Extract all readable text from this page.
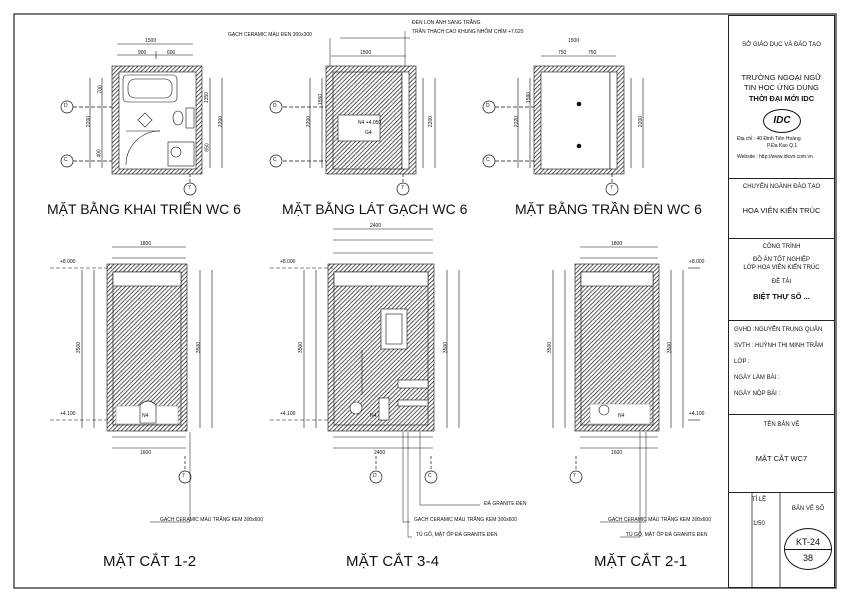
1500
900	600
2200
700
400
1350
2200
650
D
C
7
GẠCH CERAMIC MÀU ĐEN 300x300
ĐÈN LON ÁNH SÁNG TRẮNG
TRẦN THẠCH CAO KHUNG NHÔM CHÌM +7.620
1500
N4 +4.050
G4
2200
1550
2200
D
C
7
1500
750	750
2220
1590
2200
D
C
7
MẶT BẰNG KHAI TRIỂN WC 6	MẶT BẰNG LÁT GẠCH WC 6	MẶT BẰNG TRẦN ĐÈN WC 6
1800
+8.000
+4.100
3500	3500
1600
N4
2400
+8.000
+4.100
3500	3500
2400
N4
D	C
1800
+8.000
+4.100
3500	3500
1600
N4
7	7
ĐÁ GRANITE ĐEN
GẠCH CERAMIC MÀU TRẮNG KEM 300x600	GẠCH CERAMIC MÀU TRẮNG KEM 300x600	GẠCH CERAMIC MÀU TRẮNG KEM 300x600
TỦ GỖ, MẶT ỐP ĐÁ GRANITE ĐEN	TỦ GỖ, MẶT ỐP ĐÁ GRANITE ĐEN
MẶT CẮT 1-2	MẶT CẮT 3-4	MẶT CẮT 2-1
SỞ GIÁO DỤC VÀ ĐÀO TẠO
TRƯỜNG NGOẠI NGỮ
TIN HỌC ỨNG DỤNG
THỜI ĐẠI MỚI IDC
IDC
Địa chỉ : 40 Đinh Tiên Hoàng
P.Đa Kao Q.1
Website : http://www.idcvn.com.vn
CHUYÊN NGÀNH ĐÀO TẠO
HỌA VIÊN KIẾN TRÚC
CÔNG TRÌNH
ĐỒ ÁN TỐT NGHIỆP
LỚP HỌA VIÊN KIẾN TRÚC
ĐỀ TÀI
BIỆT THỰ SỐ ...
GVHD :NGUYỄN TRUNG QUÂN
SVTH : HUỲNH THỊ MINH TRÂM
LỚP :
NGÀY LÀM BÀI :
NGÀY NỘP BÀI :
TÊN BẢN VẼ
MẶT CẮT WC7
TỈ LỆ
1/50
BẢN VẼ SỐ
KT-24
38
